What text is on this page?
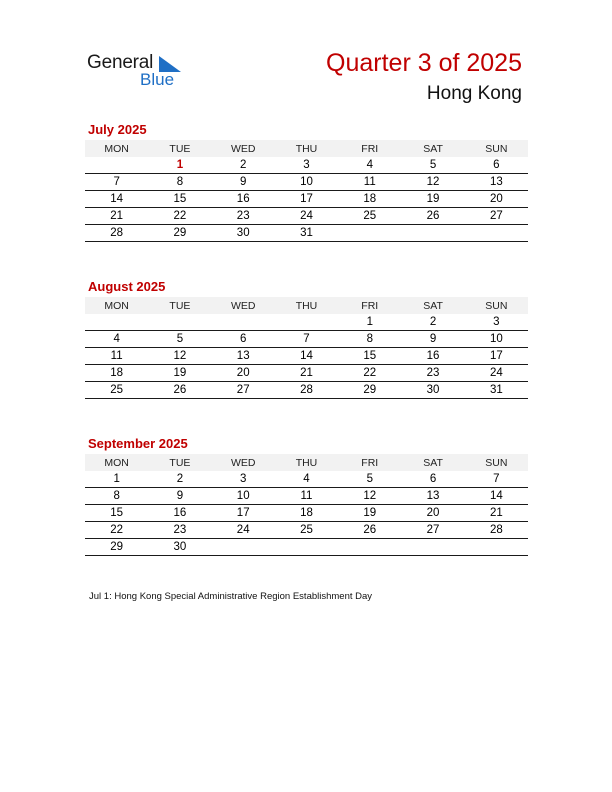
General
Blue
Quarter 3 of 2025
Hong Kong
July 2025
MON	TUE	WED	THU	FRI	SAT	SUN
	1	2	3	4	5	6
7	8	9	10	11	12	13
14	15	16	17	18	19	20
21	22	23	24	25	26	27
28	29	30	31			
August 2025
MON	TUE	WED	THU	FRI	SAT	SUN
				1	2	3
4	5	6	7	8	9	10
11	12	13	14	15	16	17
18	19	20	21	22	23	24
25	26	27	28	29	30	31
September 2025
MON	TUE	WED	THU	FRI	SAT	SUN
1	2	3	4	5	6	7
8	9	10	11	12	13	14
15	16	17	18	19	20	21
22	23	24	25	26	27	28
29	30					
Jul 1: Hong Kong Special Administrative Region Establishment Day
